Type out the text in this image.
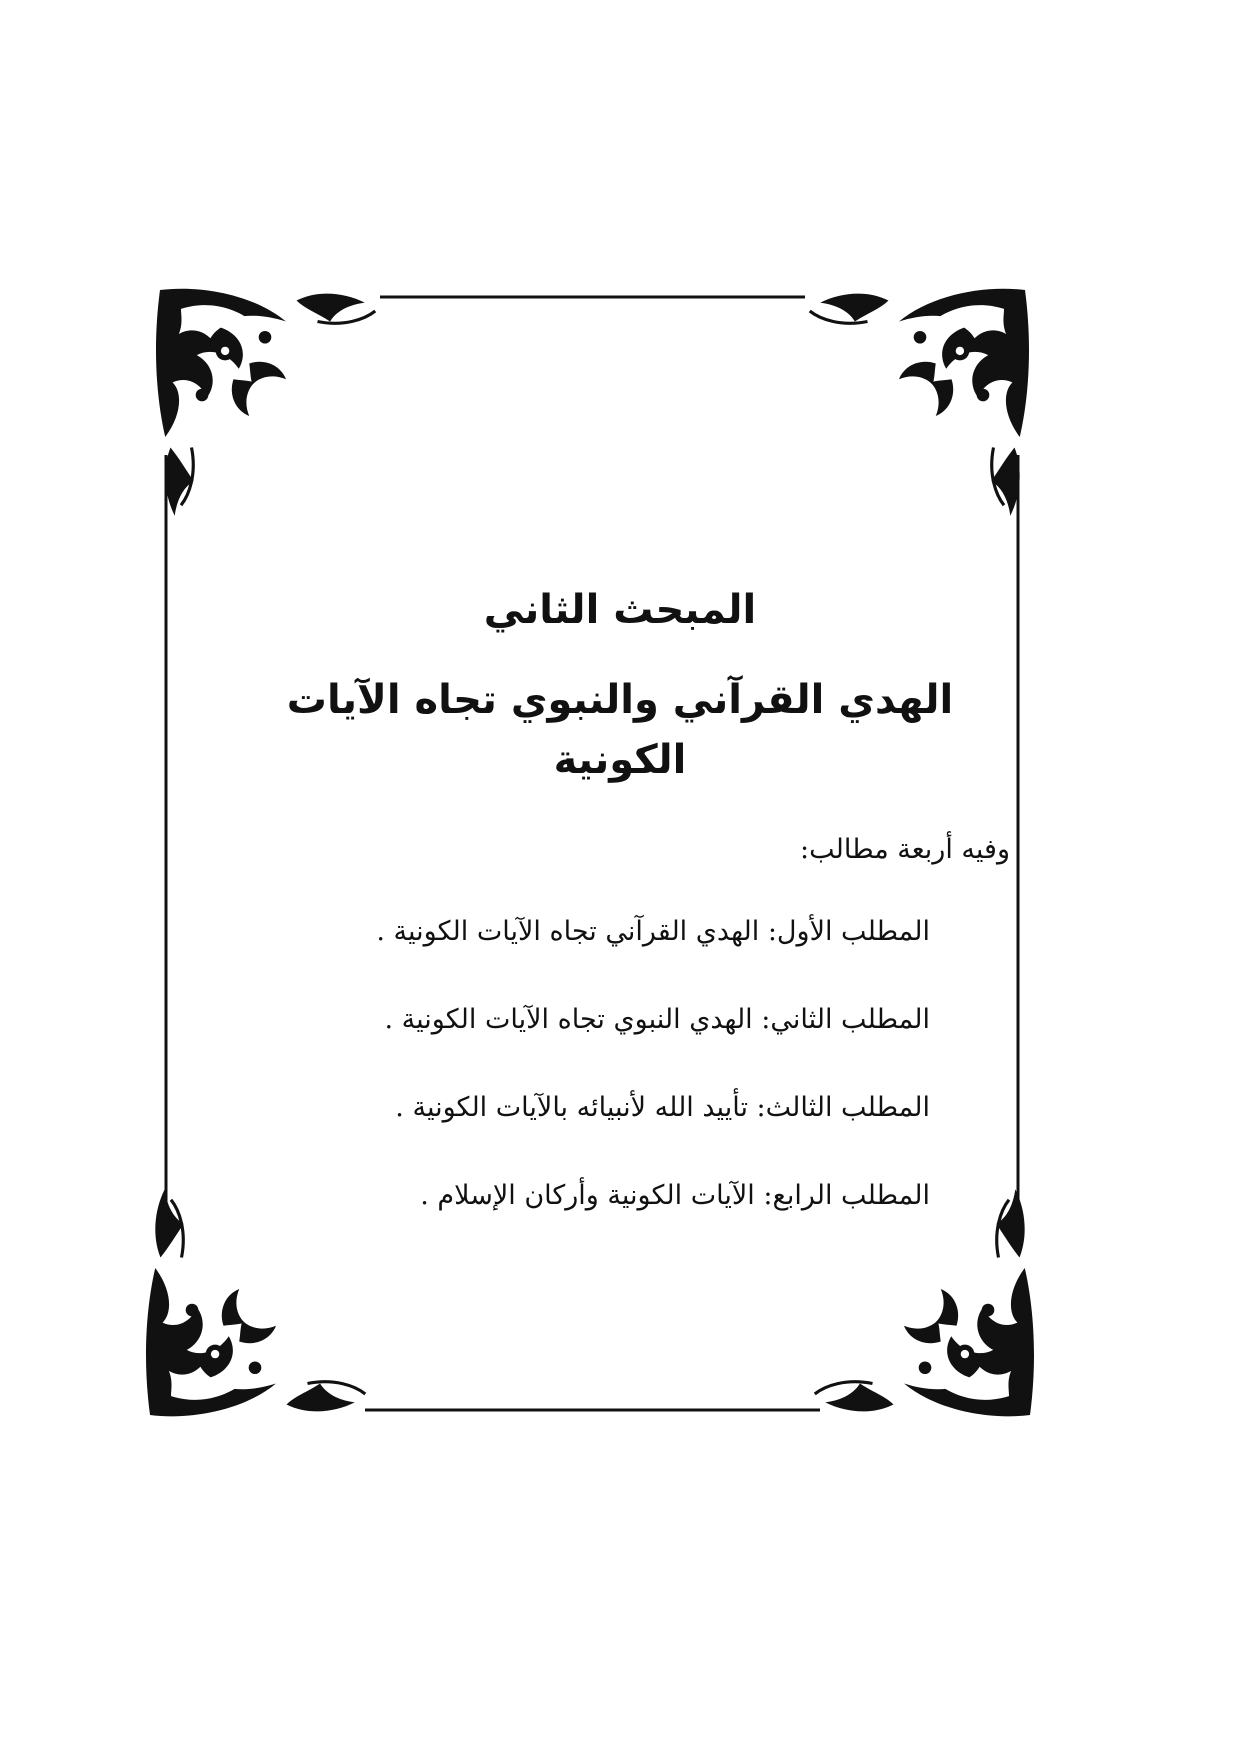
المبحث الثاني
الهدي القرآني والنبوي تجاه الآيات الكونية

وفيه أربعة مطالب:

المطلب الأول: الهدي القرآني تجاه الآيات الكونية .
المطلب الثاني: الهدي النبوي تجاه الآيات الكونية .
المطلب الثالث: تأييد الله لأنبيائه بالآيات الكونية .
المطلب الرابع: الآيات الكونية وأركان الإسلام .
